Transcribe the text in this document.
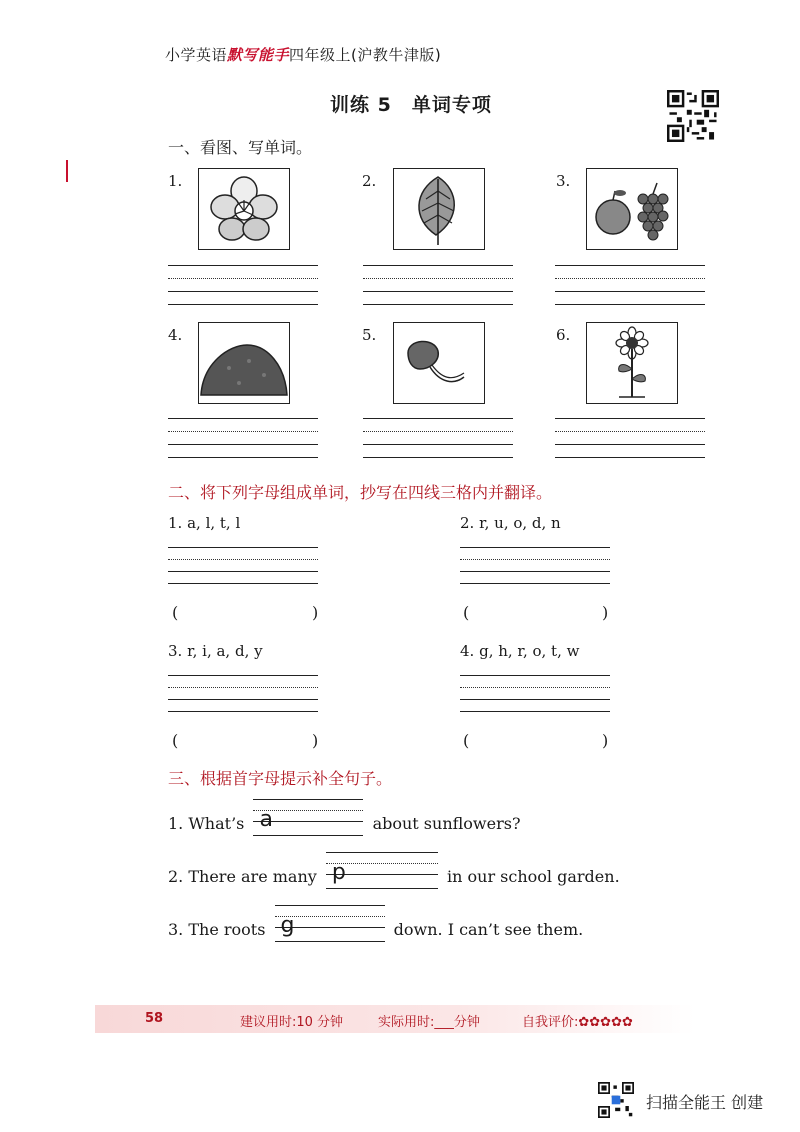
小学英语默写能手四年级上(沪教牛津版)
训练 5　单词专项
一、看图、写单词。
1.	2.	3.
4.	5.	6.
二、将下列字母组成单词，抄写在四线三格内并翻译。
1. a, l, t, l
(	)
2. r, u, o, d, n
(	)
3. r, i, a, d, y
(	)
4. g, h, r, o, t, w
(	)
三、根据首字母提示补全句子。
1. What’s a	about sunflowers?
2. There are many p	in our school garden.
3. The roots g	down. I can’t see them.
58	建议用时:10 分钟	实际用时:___分钟	自我评价:✿✿✿✿✿
扫描全能王 创建
